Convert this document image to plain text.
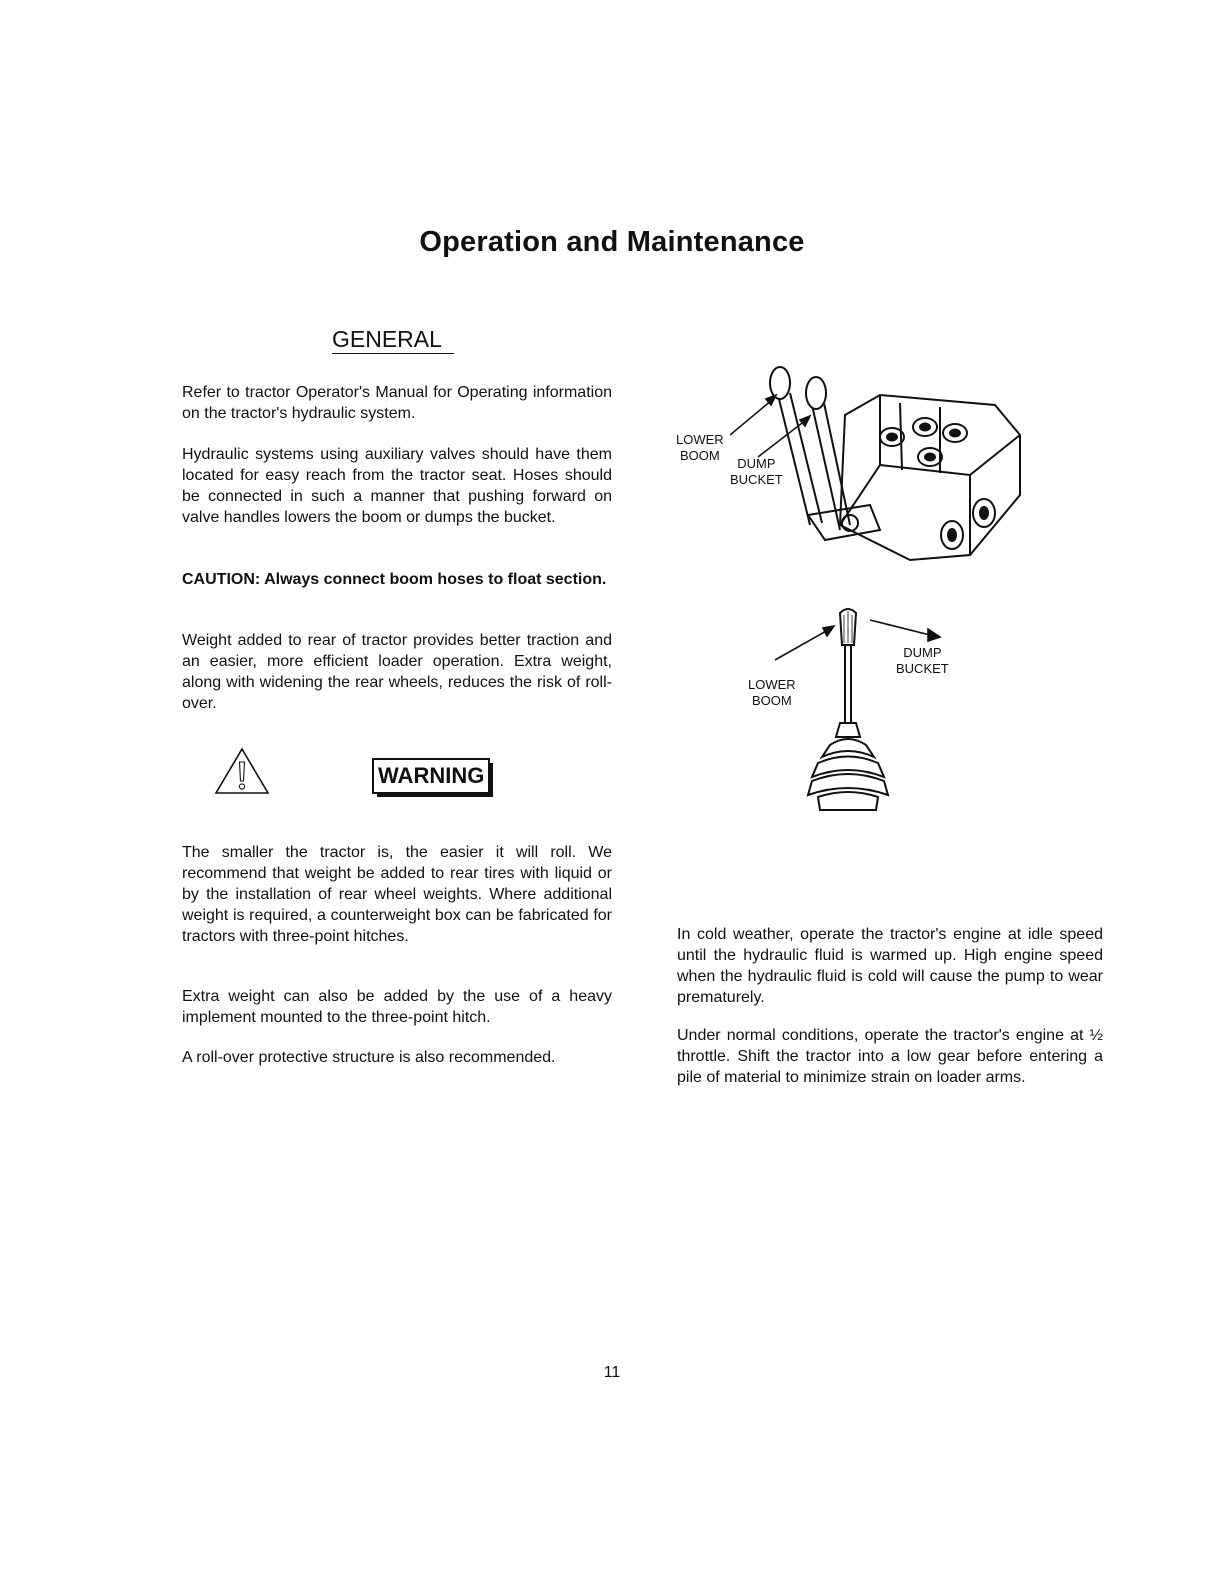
Operation and Maintenance
GENERAL

Refer to tractor Operator's Manual for Operating information on the tractor's hydraulic system.

Hydraulic systems using auxiliary valves should have them located for easy reach from the tractor seat. Hoses should be connected in such a manner that pushing forward on valve handles lowers the boom or dumps the bucket.

CAUTION: Always connect boom hoses to float section.

Weight added to rear of tractor provides better traction and an easier, more efficient loader operation. Extra weight, along with widening the rear wheels, reduces the risk of roll-over.

WARNING

The smaller the tractor is, the easier it will roll. We recommend that weight be added to rear tires with liquid or by the installation of rear wheel weights. Where additional weight is required, a counterweight box can be fabricated for tractors with three-point hitches.

Extra weight can also be added by the use of a heavy implement mounted to the three-point hitch.

A roll-over protective structure is also recommended.

LOWER
BOOM
DUMP
BUCKET
LOWER
BOOM
DUMP
BUCKET

In cold weather, operate the tractor's engine at idle speed until the hydraulic fluid is warmed up. High engine speed when the hydraulic fluid is cold will cause the pump to wear prematurely.

Under normal conditions, operate the tractor's engine at ½ throttle. Shift the tractor into a low gear before entering a pile of material to minimize strain on loader arms.

11
